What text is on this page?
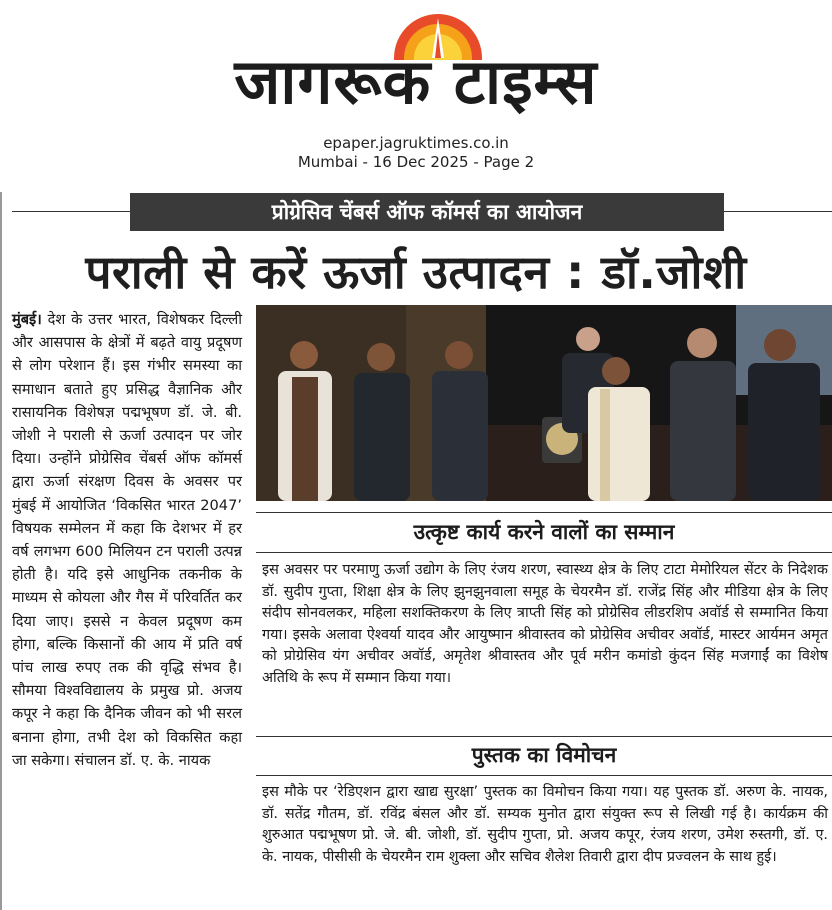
जागरूक टाइम्स
epaper.jagruktimes.co.in
Mumbai - 16 Dec 2025 - Page 2
प्रोग्रेसिव चेंबर्स ऑफ कॉमर्स का आयोजन
पराली से करें ऊर्जा उत्पादन : डॉ.जोशी
मुंबई। देश के उत्तर भारत, विशेषकर दिल्ली और आसपास के क्षेत्रों में बढ़ते वायु प्रदूषण से लोग परेशान हैं। इस गंभीर समस्या का समाधान बताते हुए प्रसिद्ध वैज्ञानिक और रासायनिक विशेषज्ञ पद्मभूषण डॉ. जे. बी. जोशी ने पराली से ऊर्जा उत्पादन पर जोर दिया। उन्होंने प्रोग्रेसिव चेंबर्स ऑफ कॉमर्स द्वारा ऊर्जा संरक्षण दिवस के अवसर पर मुंबई में आयोजित ‘विकसित भारत 2047’ विषयक सम्मेलन में कहा कि देशभर में हर वर्ष लगभग 600 मिलियन टन पराली उत्पन्न होती है। यदि इसे आधुनिक तकनीक के माध्यम से कोयला और गैस में परिवर्तित कर दिया जाए। इससे न केवल प्रदूषण कम होगा, बल्कि किसानों की आय में प्रति वर्ष पांच लाख रुपए तक की वृद्धि संभव है। सौमया विश्वविद्यालय के प्रमुख प्रो. अजय कपूर ने कहा कि दैनिक जीवन को भी सरल बनाना होगा, तभी देश को विकसित कहा जा सकेगा। संचालन डॉ. ए. के. नायक
उत्कृष्ट कार्य करने वालों का सम्मान
इस अवसर पर परमाणु ऊर्जा उद्योग के लिए रंजय शरण, स्वास्थ्य क्षेत्र के लिए टाटा मेमोरियल सेंटर के निदेशक डॉ. सुदीप गुप्ता, शिक्षा क्षेत्र के लिए झुनझुनवाला समूह के चेयरमैन डॉ. राजेंद्र सिंह और मीडिया क्षेत्र के लिए संदीप सोनवलकर, महिला सशक्तिकरण के लिए त्राप्ती सिंह को प्रोग्रेसिव लीडरशिप अवॉर्ड से सम्मानित किया गया। इसके अलावा ऐश्वर्या यादव और आयुष्मान श्रीवास्तव को प्रोग्रेसिव अचीवर अवॉर्ड, मास्टर आर्यमन अमृत को प्रोग्रेसिव यंग अचीवर अवॉर्ड, अमृतेश श्रीवास्तव और पूर्व मरीन कमांडो कुंदन सिंह मजगाईं का विशेष अतिथि के रूप में सम्मान किया गया।
पुस्तक का विमोचन
इस मौके पर ‘रेडिएशन द्वारा खाद्य सुरक्षा’ पुस्तक का विमोचन किया गया। यह पुस्तक डॉ. अरुण के. नायक, डॉ. सतेंद्र गौतम, डॉ. रविंद्र बंसल और डॉ. सम्यक मुनोत द्वारा संयुक्त रूप से लिखी गई है। कार्यक्रम की शुरुआत पद्मभूषण प्रो. जे. बी. जोशी, डॉ. सुदीप गुप्ता, प्रो. अजय कपूर, रंजय शरण, उमेश रुस्तगी, डॉ. ए. के. नायक, पीसीसी के चेयरमैन राम शुक्ला और सचिव शैलेश तिवारी द्वारा दीप प्रज्वलन के साथ हुई।
